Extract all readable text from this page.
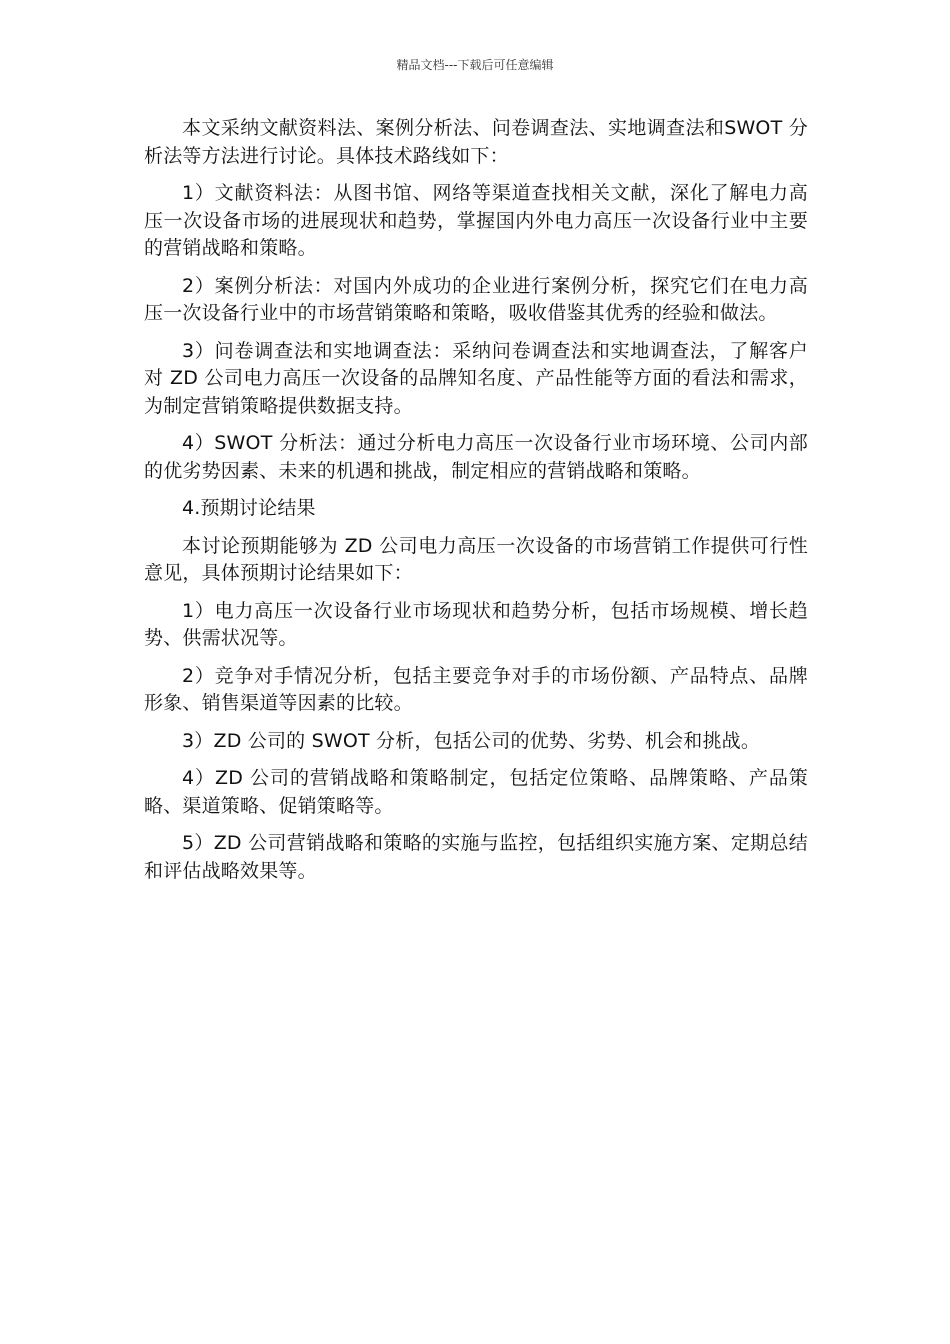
精品文档---下载后可任意编辑

本文采纳文献资料法、案例分析法、问卷调查法、实地调查法和SWOT 分析法等方法进行讨论。具体技术路线如下：

1）文献资料法：从图书馆、网络等渠道查找相关文献，深化了解电力高压一次设备市场的进展现状和趋势，掌握国内外电力高压一次设备行业中主要的营销战略和策略。

2）案例分析法：对国内外成功的企业进行案例分析，探究它们在电力高压一次设备行业中的市场营销策略和策略，吸收借鉴其优秀的经验和做法。

3）问卷调查法和实地调查法：采纳问卷调查法和实地调查法，了解客户对 ZD 公司电力高压一次设备的品牌知名度、产品性能等方面的看法和需求，为制定营销策略提供数据支持。

4）SWOT 分析法：通过分析电力高压一次设备行业市场环境、公司内部的优劣势因素、未来的机遇和挑战，制定相应的营销战略和策略。

4.预期讨论结果

本讨论预期能够为 ZD 公司电力高压一次设备的市场营销工作提供可行性意见，具体预期讨论结果如下：

1）电力高压一次设备行业市场现状和趋势分析，包括市场规模、增长趋势、供需状况等。

2）竞争对手情况分析，包括主要竞争对手的市场份额、产品特点、品牌形象、销售渠道等因素的比较。

3）ZD 公司的 SWOT 分析，包括公司的优势、劣势、机会和挑战。

4）ZD 公司的营销战略和策略制定，包括定位策略、品牌策略、产品策略、渠道策略、促销策略等。

5）ZD 公司营销战略和策略的实施与监控，包括组织实施方案、定期总结和评估战略效果等。
